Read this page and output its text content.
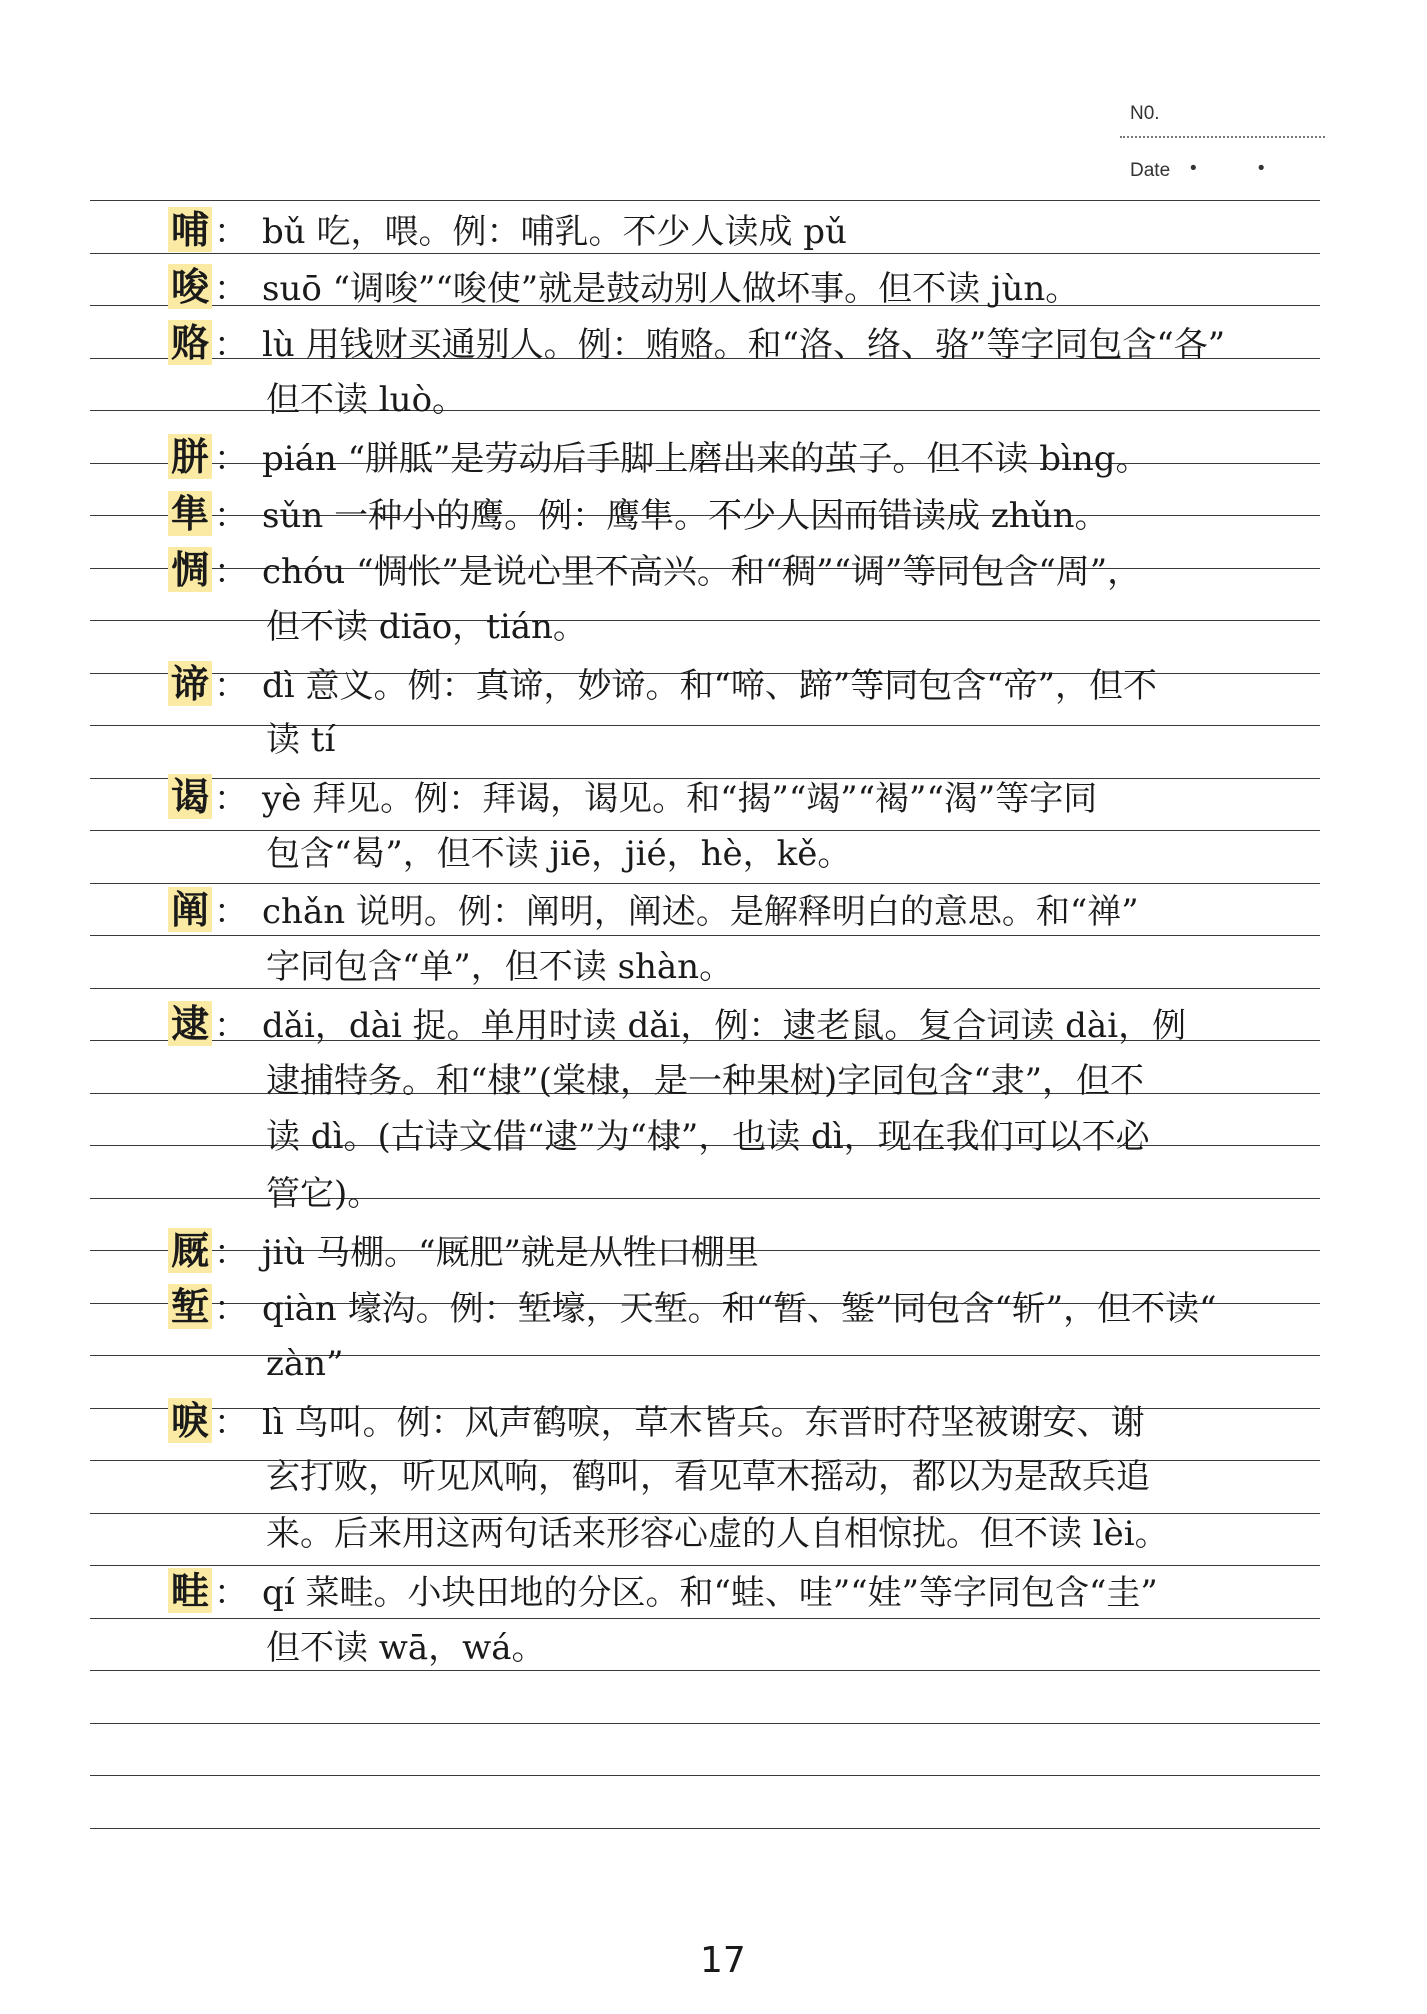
N0.
Date • •
哺 ： bǔ 吃，喂。例：哺乳。不少人读成 pǔ
唆 ： suō “调唆”“唆使”就是鼓动别人做坏事。但不读 jùn。
赂 ： lù 用钱财买通别人。例：贿赂。和“洛、络、骆”等字同包含“各”
但不读 luò。
胼 ： pián “胼胝”是劳动后手脚上磨出来的茧子。但不读 bìng。
隼 ： sǔn 一种小的鹰。例：鹰隼。不少人因而错读成 zhǔn。
惆 ： chóu “惆怅”是说心里不高兴。和“稠”“调”等同包含“周”，
但不读 diāo，tián。
谛 ： dì 意义。例：真谛，妙谛。和“啼、蹄”等同包含“帝”，但不
读 tí
谒 ： yè 拜见。例：拜谒，谒见。和“揭”“竭”“褐”“渴”等字同
包含“曷”，但不读 jiē，jié，hè，kě。
阐 ： chǎn 说明。例：阐明，阐述。是解释明白的意思。和“禅”
字同包含“单”，但不读 shàn。
逮 ： dǎi，dài 捉。单用时读 dǎi，例：逮老鼠。复合词读 dài，例
逮捕特务。和“棣”(棠棣，是一种果树)字同包含“隶”，但不
读 dì。(古诗文借“逮”为“棣”，也读 dì，现在我们可以不必
管它)。
厩 ： jiù 马棚。“厩肥”就是从牲口棚里
堑 ： qiàn 壕沟。例：堑壕，天堑。和“暂、錾”同包含“斩”，但不读“
zàn”
唳 ： lì 鸟叫。例：风声鹤唳，草木皆兵。东晋时苻坚被谢安、谢
玄打败，听见风响，鹤叫，看见草木摇动，都以为是敌兵追
来。后来用这两句话来形容心虚的人自相惊扰。但不读 lèi。
畦 ： qí 菜畦。小块田地的分区。和“蛙、哇”“娃”等字同包含“圭”
但不读 wā，wá。
17
